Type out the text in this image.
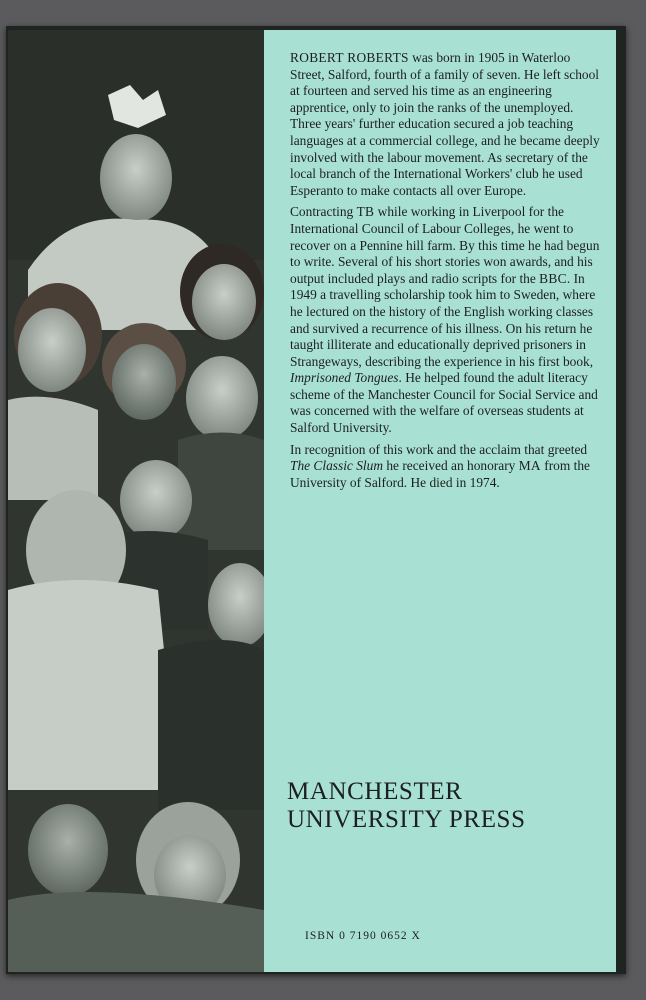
ROBERT ROBERTS was born in 1905 in Waterloo Street, Salford, fourth of a family of seven. He left school at fourteen and served his time as an engineering apprentice, only to join the ranks of the unemployed. Three years' further education secured a job teaching languages at a commercial college, and he became deeply involved with the labour movement. As secretary of the local branch of the International Workers' club he used Esperanto to make contacts all over Europe.

Contracting TB while working in Liverpool for the International Council of Labour Colleges, he went to recover on a Pennine hill farm. By this time he had begun to write. Several of his short stories won awards, and his output included plays and radio scripts for the BBC. In 1949 a travelling scholarship took him to Sweden, where he lectured on the history of the English working classes and survived a recurrence of his illness. On his return he taught illiterate and educationally deprived prisoners in Strangeways, describing the experience in his first book, Imprisoned Tongues. He helped found the adult literacy scheme of the Manchester Council for Social Service and was concerned with the welfare of overseas students at Salford University.

In recognition of this work and the acclaim that greeted The Classic Slum he received an honorary MA from the University of Salford. He died in 1974.

MANCHESTER
UNIVERSITY PRESS
ISBN 0 7190 0652 X
